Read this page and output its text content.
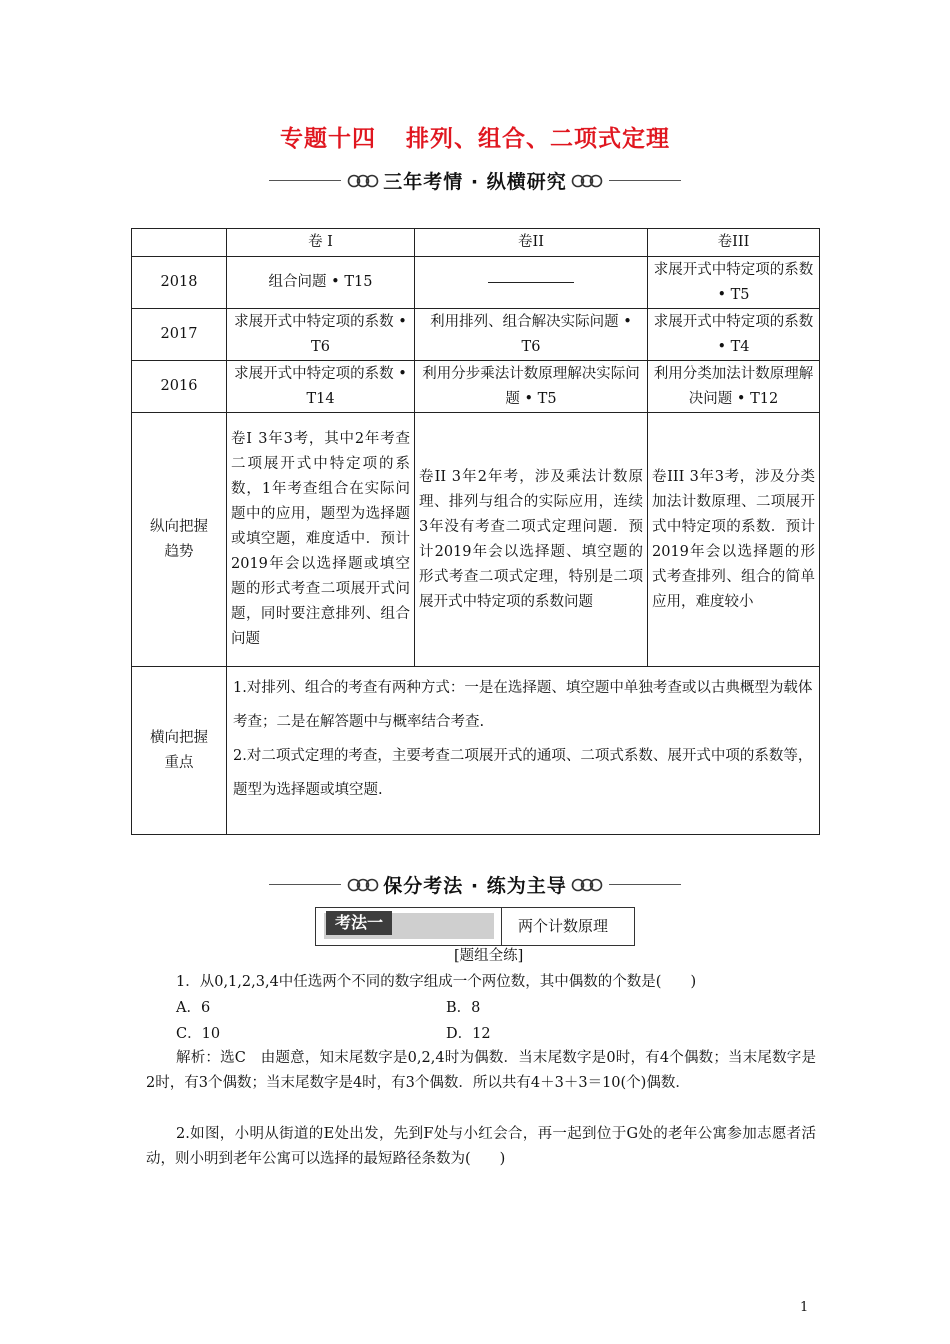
专题十四 排列、组合、二项式定理
三年考情 · 纵横研究
	卷 I	卷II	卷III
2018	组合问题 • T15		求展开式中特定项的系数 • T5
2017	求展开式中特定项的系数 • T6	利用排列、组合解决实际问题 • T6	求展开式中特定项的系数 • T4
2016	求展开式中特定项的系数 • T14	利用分步乘法计数原理解决实际问题 • T5	利用分类加法计数原理解决问题 • T12

纵向把握趋势	卷Ⅰ 3年3考，其中2年考查二项展开式中特定项的系数，1年考查组合在实际问题中的应用，题型为选择题或填空题，难度适中．预计2019年会以选择题或填空题的形式考查二项展开式问题，同时要注意排列、组合问题	卷II 3年2年考，涉及乘法计数原理、排列与组合的实际应用，连续3年没有考查二项式定理问题．预计2019年会以选择题、填空题的形式考查二项式定理，特别是二项展开式中特定项的系数问题	卷III 3年3考，涉及分类加法计数原理、二项展开式中特定项的系数．预计2019年会以选择题的形式考查排列、组合的简单应用，难度较小

横向把握重点	1.对排列、组合的考查有两种方式：一是在选择题、填空题中单独考查或以古典概型为载体考查；二是在解答题中与概率结合考查.
2.对二项式定理的考查，主要考查二项展开式的通项、二项式系数、展开式中项的系数等，题型为选择题或填空题.		
保分考法 · 练为主导
考法一	两个计数原理
[题组全练]
1．从0,1,2,3,4中任选两个不同的数字组成一个两位数，其中偶数的个数是(　　)
A．6	B．8
C．10	D．12
解析：选C　由题意，知末尾数字是0,2,4时为偶数．当末尾数字是0时，有4个偶数；当末尾数字是2时，有3个偶数；当末尾数字是4时，有3个偶数．所以共有4＋3＋3＝10(个)偶数．
2.如图，小明从街道的E处出发，先到F处与小红会合，再一起到位于G处的老年公寓参加志愿者活动，则小明到老年公寓可以选择的最短路径条数为(　　)
1
